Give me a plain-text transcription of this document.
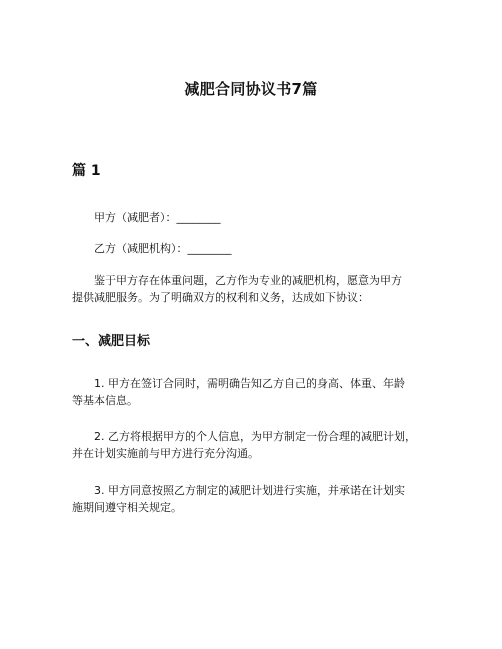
减肥合同协议书7篇
篇 1
甲方（减肥者）：________
乙方（减肥机构）：________
鉴于甲方存在体重问题，乙方作为专业的减肥机构，愿意为甲方
提供减肥服务。为了明确双方的权利和义务，达成如下协议：
一、减肥目标
1. 甲方在签订合同时，需明确告知乙方自己的身高、体重、年龄
等基本信息。
2. 乙方将根据甲方的个人信息，为甲方制定一份合理的减肥计划，
并在计划实施前与甲方进行充分沟通。
3. 甲方同意按照乙方制定的减肥计划进行实施，并承诺在计划实
施期间遵守相关规定。
